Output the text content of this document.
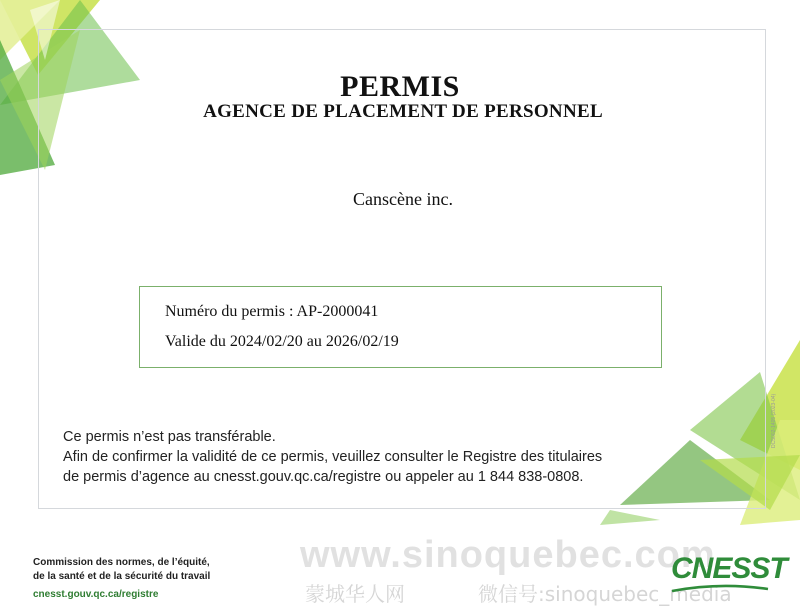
PERMIS
AGENCE DE PLACEMENT DE PERSONNEL
Canscène inc.
Numéro du permis : AP-2000041
Valide du 2024/02/20 au 2026/02/19
Ce permis n’est pas transférable.
Afin de confirmer la validité de ce permis, veuillez consulter le Registre des titulaires
de permis d’agence au cnesst.gouv.qc.ca/registre ou appeler au 1 844 838-0808.
DC5002-1405 (2023-04)
Commission des normes, de l’équité,
de la santé et de la sécurité du travail
cnesst.gouv.qc.ca/registre
www.sinoquebec.com
蒙城华人网	微信号:sinoquebec_media
CNESST
